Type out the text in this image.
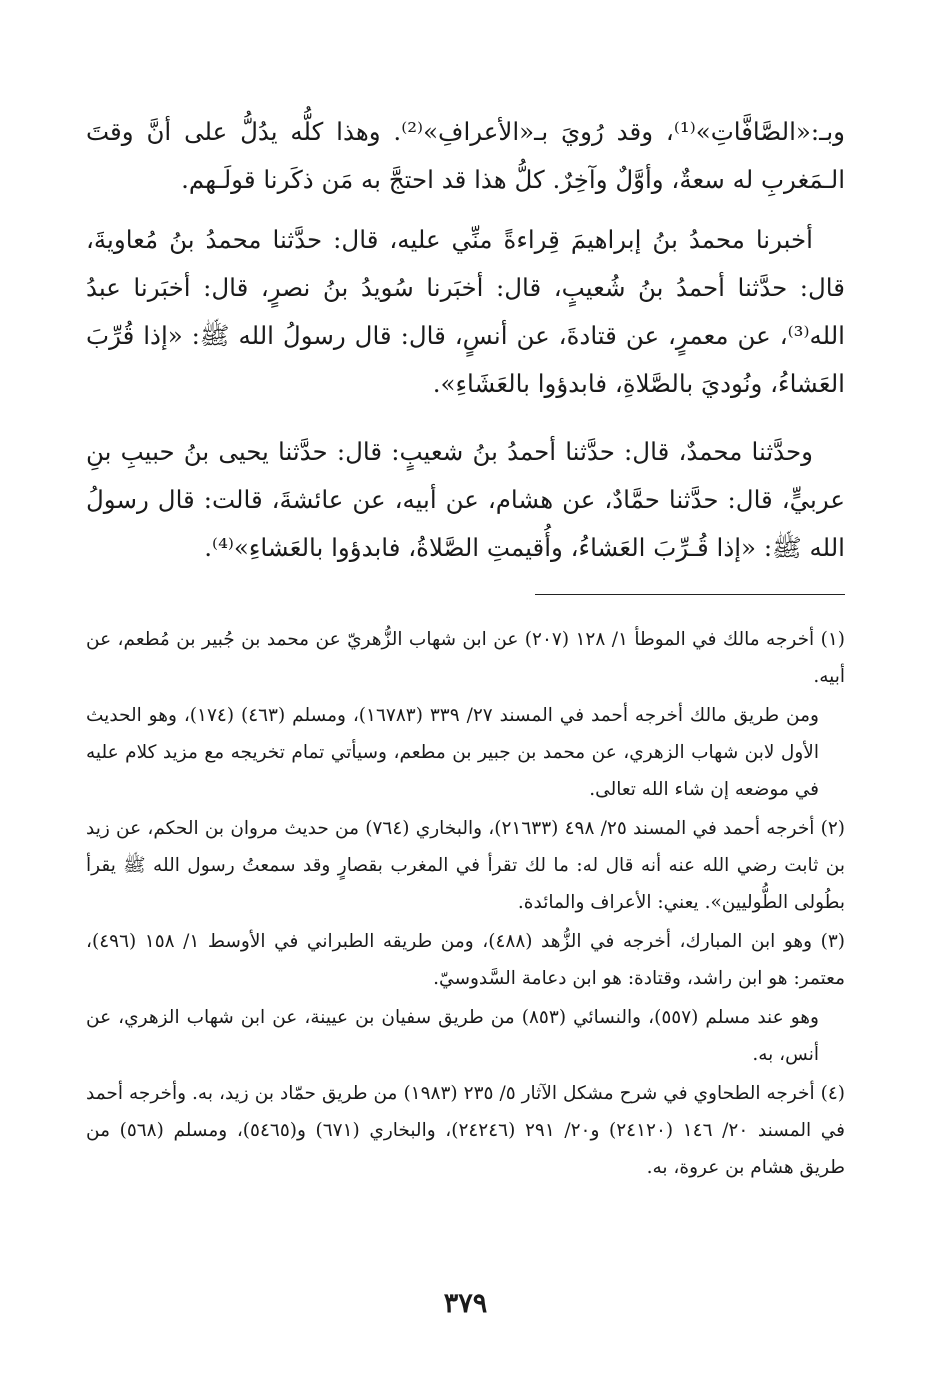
وبـ:«الصَّافَّاتِ»⁽¹⁾، وقد رُويَ بـ«الأعرافِ»⁽²⁾. وهذا كلُّه يدُلُّ على أنَّ وقتَ الـمَغربِ له سعةٌ، وأوَّلٌ وآخِرٌ. كلُّ هذا قد احتجَّ به مَن ذكَرنا قولَـهم.

أخبرنا محمدُ بنُ إبراهيمَ قِراءةً منِّي عليه، قال: حدَّثنا محمدُ بنُ مُعاويةَ، قال: حدَّثنا أحمدُ بنُ شُعيبٍ، قال: أخبَرنا سُويدُ بنُ نصرٍ، قال: أخبَرنا عبدُ الله⁽³⁾، عن معمرٍ، عن قتادةَ، عن أنسٍ، قال: قال رسولُ الله ﷺ: «إذا قُرِّبَ العَشاءُ، ونُوديَ بالصَّلاةِ، فابدؤوا بالعَشَاءِ».

وحدَّثنا محمدٌ، قال: حدَّثنا أحمدُ بنُ شعيبٍ: قال: حدَّثنا يحيى بنُ حبيبِ بنِ عربيٍّ، قال: حدَّثنا حمَّادٌ، عن هشام، عن أبيه، عن عائشةَ، قالت: قال رسولُ الله ﷺ: «إذا قُـرِّبَ العَشاءُ، وأُقيمتِ الصَّلاةُ، فابدؤوا بالعَشاءِ»⁽⁴⁾.

(١) أخرجه مالك في الموطأ ١/ ١٢٨ (٢٠٧) عن ابن شهاب الزُّهريّ عن محمد بن جُبير بن مُطعم، عن أبيه.

ومن طريق مالك أخرجه أحمد في المسند ٢٧/ ٣٣٩ (١٦٧٨٣)، ومسلم (٤٦٣) (١٧٤)، وهو الحديث الأول لابن شهاب الزهري، عن محمد بن جبير بن مطعم، وسيأتي تمام تخريجه مع مزيد كلام عليه في موضعه إن شاء الله تعالى.

(٢) أخرجه أحمد في المسند ٢٥/ ٤٩٨ (٢١٦٣٣)، والبخاري (٧٦٤) من حديث مروان بن الحكم، عن زيد بن ثابت رضي الله عنه أنه قال له: ما لك تقرأ في المغرب بقصارٍ وقد سمعتُ رسول الله ﷺ يقرأ بطُولى الطُّوليين». يعني: الأعراف والمائدة.

(٣) وهو ابن المبارك، أخرجه في الزُّهد (٤٨٨)، ومن طريقه الطبراني في الأوسط ١/ ١٥٨ (٤٩٦)، معتمر: هو ابن راشد، وقتادة: هو ابن دعامة السَّدوسيّ.

وهو عند مسلم (٥٥٧)، والنسائي (٨٥٣) من طريق سفيان بن عيينة، عن ابن شهاب الزهري، عن أنس، به.

(٤) أخرجه الطحاوي في شرح مشكل الآثار ٥/ ٢٣٥ (١٩٨٣) من طريق حمّاد بن زيد، به. وأخرجه أحمد في المسند ٢٠/ ١٤٦ (٢٤١٢٠) و٢٠/ ٢٩١ (٢٤٢٤٦)، والبخاري (٦٧١) و(٥٤٦٥)، ومسلم (٥٦٨) من طريق هشام بن عروة، به.

٣٧٩
